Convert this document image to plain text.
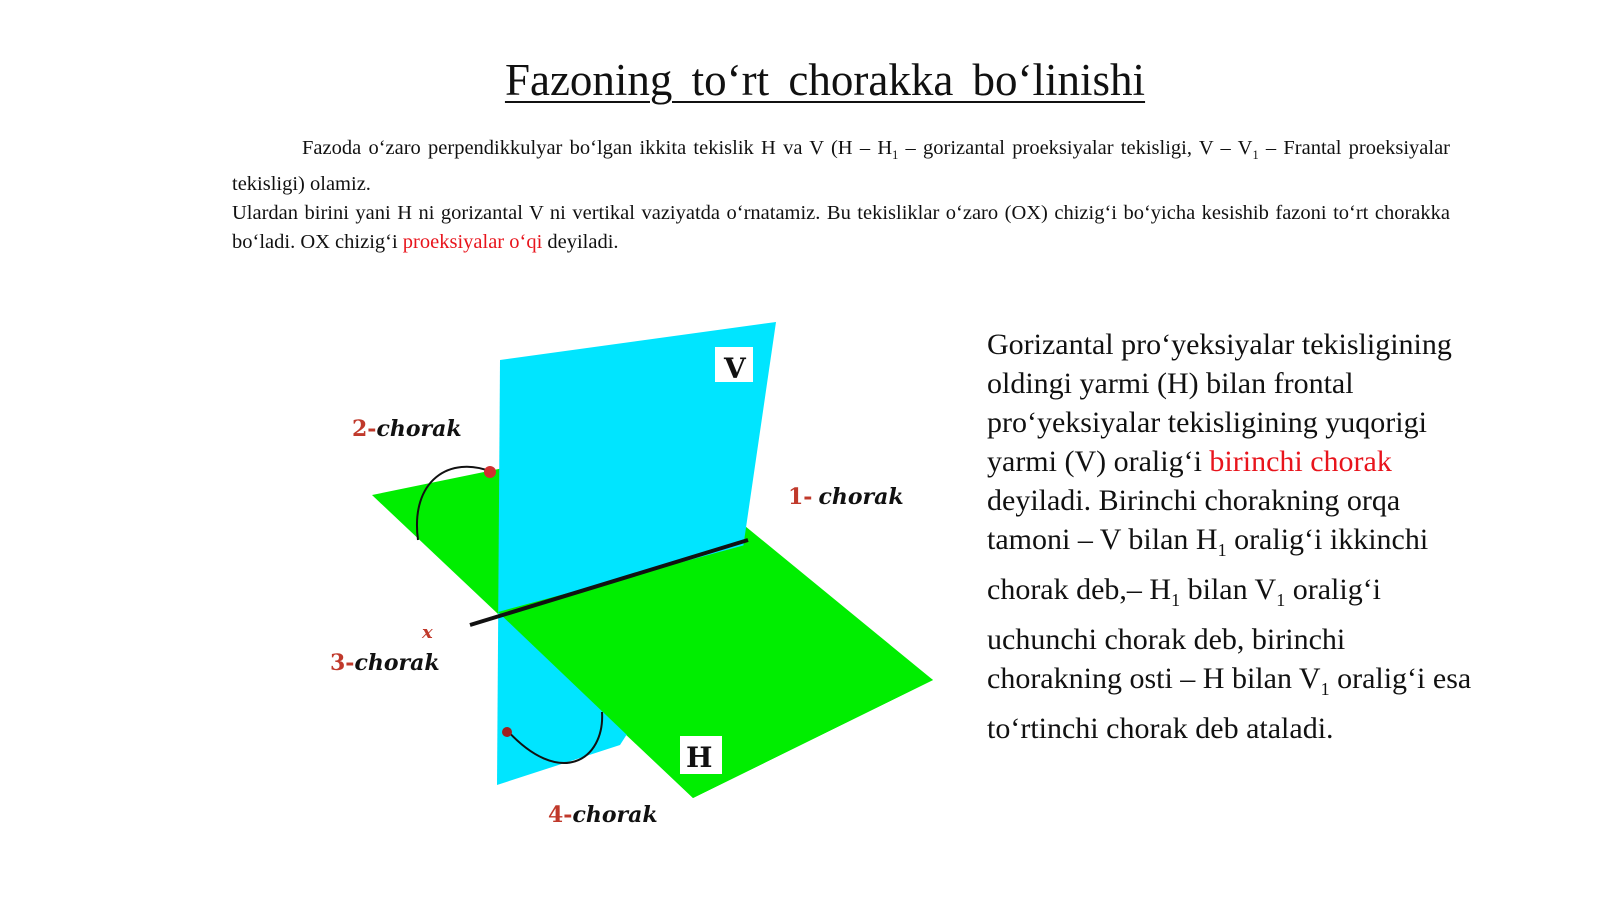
Fazoning to‘rt chorakka bo‘linishi
Fazoda o‘zaro perpendikkulyar bo‘lgan ikkita tekislik H va V ($H - H_1$ – gorizantal proeksiyalar tekisligi, V – $V_1$ – Frantal proeksiyalar tekisligi) olamiz.
Ulardan birini yani H ni gorizantal V ni vertikal vaziyatda o‘rnatamiz. Bu tekisliklar o‘zaro (OX) chizig‘i bo‘yicha kesishib fazoni to‘rt chorakka bo‘ladi. OX chizig‘i proeksiyalar o‘qi deyiladi.
V
H
x
2-chorak
1- chorak
3-chorak
4-chorak
Gorizantal pro‘yeksiyalar tekisligining oldingi yarmi (H) bilan frontal pro‘yeksiyalar tekisligining yuqorigi yarmi (V) oralig‘i birinchi chorak deyiladi. Birinchi chorakning orqa tamoni – V bilan $H_1$ oralig‘i ikkinchi chorak deb,– $H_1$ bilan $V_1$ oralig‘i uchunchi chorak deb, birinchi chorakning osti – H bilan $V_1$ oralig‘i esa to‘rtinchi chorak deb ataladi.
